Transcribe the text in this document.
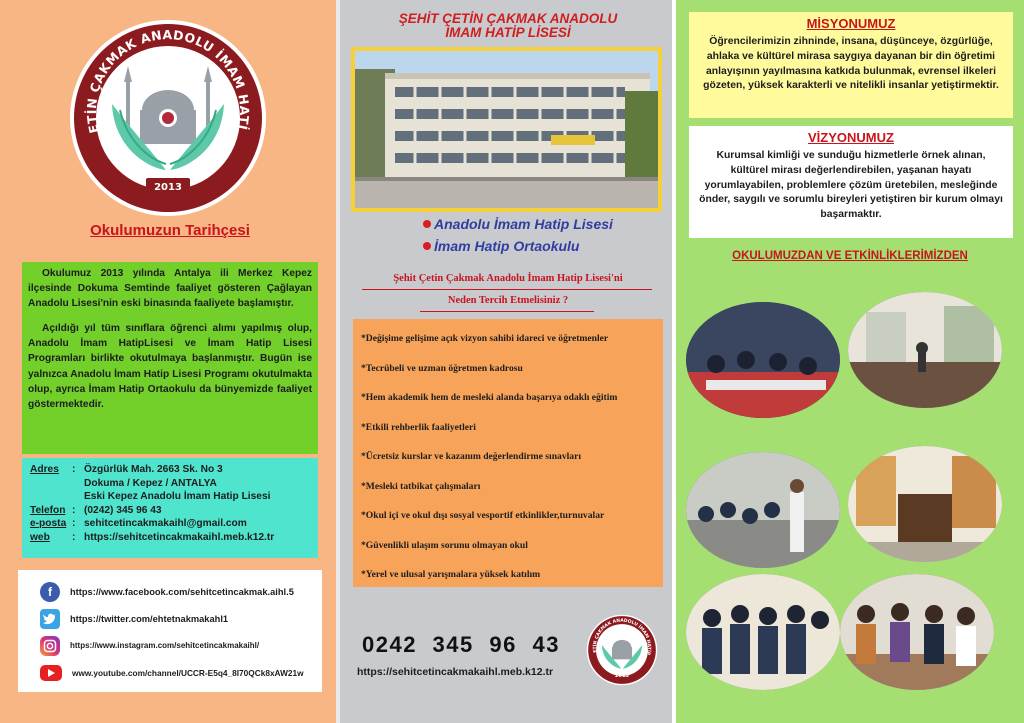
ETİN ÇAKMAK ANADOLU İMAM HATİ
2013
Okulumuzun Tarihçesi

Okulumuz 2013 yılında Antalya ili Merkez Kepez ilçesinde Dokuma Semtinde faaliyet gösteren Çağlayan Anadolu Lisesi'nin eski binasında faaliyete başlamıştır.

Açıldığı yıl tüm sınıflara öğrenci alımı yapılmış olup, Anadolu İmam HatipLisesi ve İmam Hatip Lisesi Programları birlikte okutulmaya başlanmıştır. Bugün ise yalnızca Anadolu İmam Hatip Lisesi Programı okutulmakta olup, ayrıca İmam Hatip Ortaokulu da bünyemizde faaliyet göstermektedir.

Adres	: Özgürlük Mah. 2663 Sk. No 3
Dokuma / Kepez / ANTALYA
Eski Kepez Anadolu İmam Hatip Lisesi
Telefon : (0242) 345 96 43
e-posta : sehitcetincakmakaihl@gmail.com
web	: https://sehitcetincakmakaihl.meb.k12.tr
f	https://www.facebook.com/sehitcetincakmak.aihl.5
https://twitter.com/ehtetnakmakahl1
https://www.instagram.com/sehitcetincakmakaihl/
www.youtube.com/channel/UCCR-E5q4_8I70QCk8xAW21w
ŞEHİT ÇETİN ÇAKMAK ANADOLU
İMAM HATİP LİSESİ
Anadolu İmam Hatip Lisesi
İmam Hatip Ortaokulu
Şehit Çetin Çakmak Anadolu İmam Hatip Lisesi'ni
Neden Tercih Etmelisiniz ?
*Değişime gelişime açık vizyon sahibi idareci ve öğretmenler
*Tecrübeli ve uzman öğretmen kadrosu
*Hem akademik hem de mesleki alanda başarıya odaklı eğitim
*Etkili rehberlik faaliyetleri
*Ücretsiz kurslar ve kazanım değerlendirme sınavları
*Mesleki tatbikat çalışmaları
*Okul içi ve okul dışı sosyal vesportif etkinlikler,turnuvalar
*Güvenlikli ulaşım sorunu olmayan okul
*Yerel ve ulusal yarışmalara yüksek katılım
0242 345 96 43
https://sehitcetincakmakaihl.meb.k12.tr
ETİN ÇAKMAK ANADOLU İMAM HATİP
2013
MİSYONUMUZ
Öğrencilerimizin zihninde, insana, düşünceye, özgürlüğe, ahlaka ve kültürel mirasa saygıya dayanan bir din öğretimi anlayışının yayılmasına katkıda bulunmak, evrensel ilkeleri gözeten, yüksek karakterli ve nitelikli insanlar yetiştirmektir.
VİZYONUMUZ
Kurumsal kimliği ve sunduğu hizmetlerle örnek alınan, kültürel mirası değerlendirebilen, yaşanan hayatı yorumlayabilen, problemlere çözüm üretebilen, mesleğinde önder, saygılı ve sorumlu bireyleri yetiştiren bir kurum olmayı başarmaktır.
OKULUMUZDAN VE ETKİNLİKLERİMİZDEN
